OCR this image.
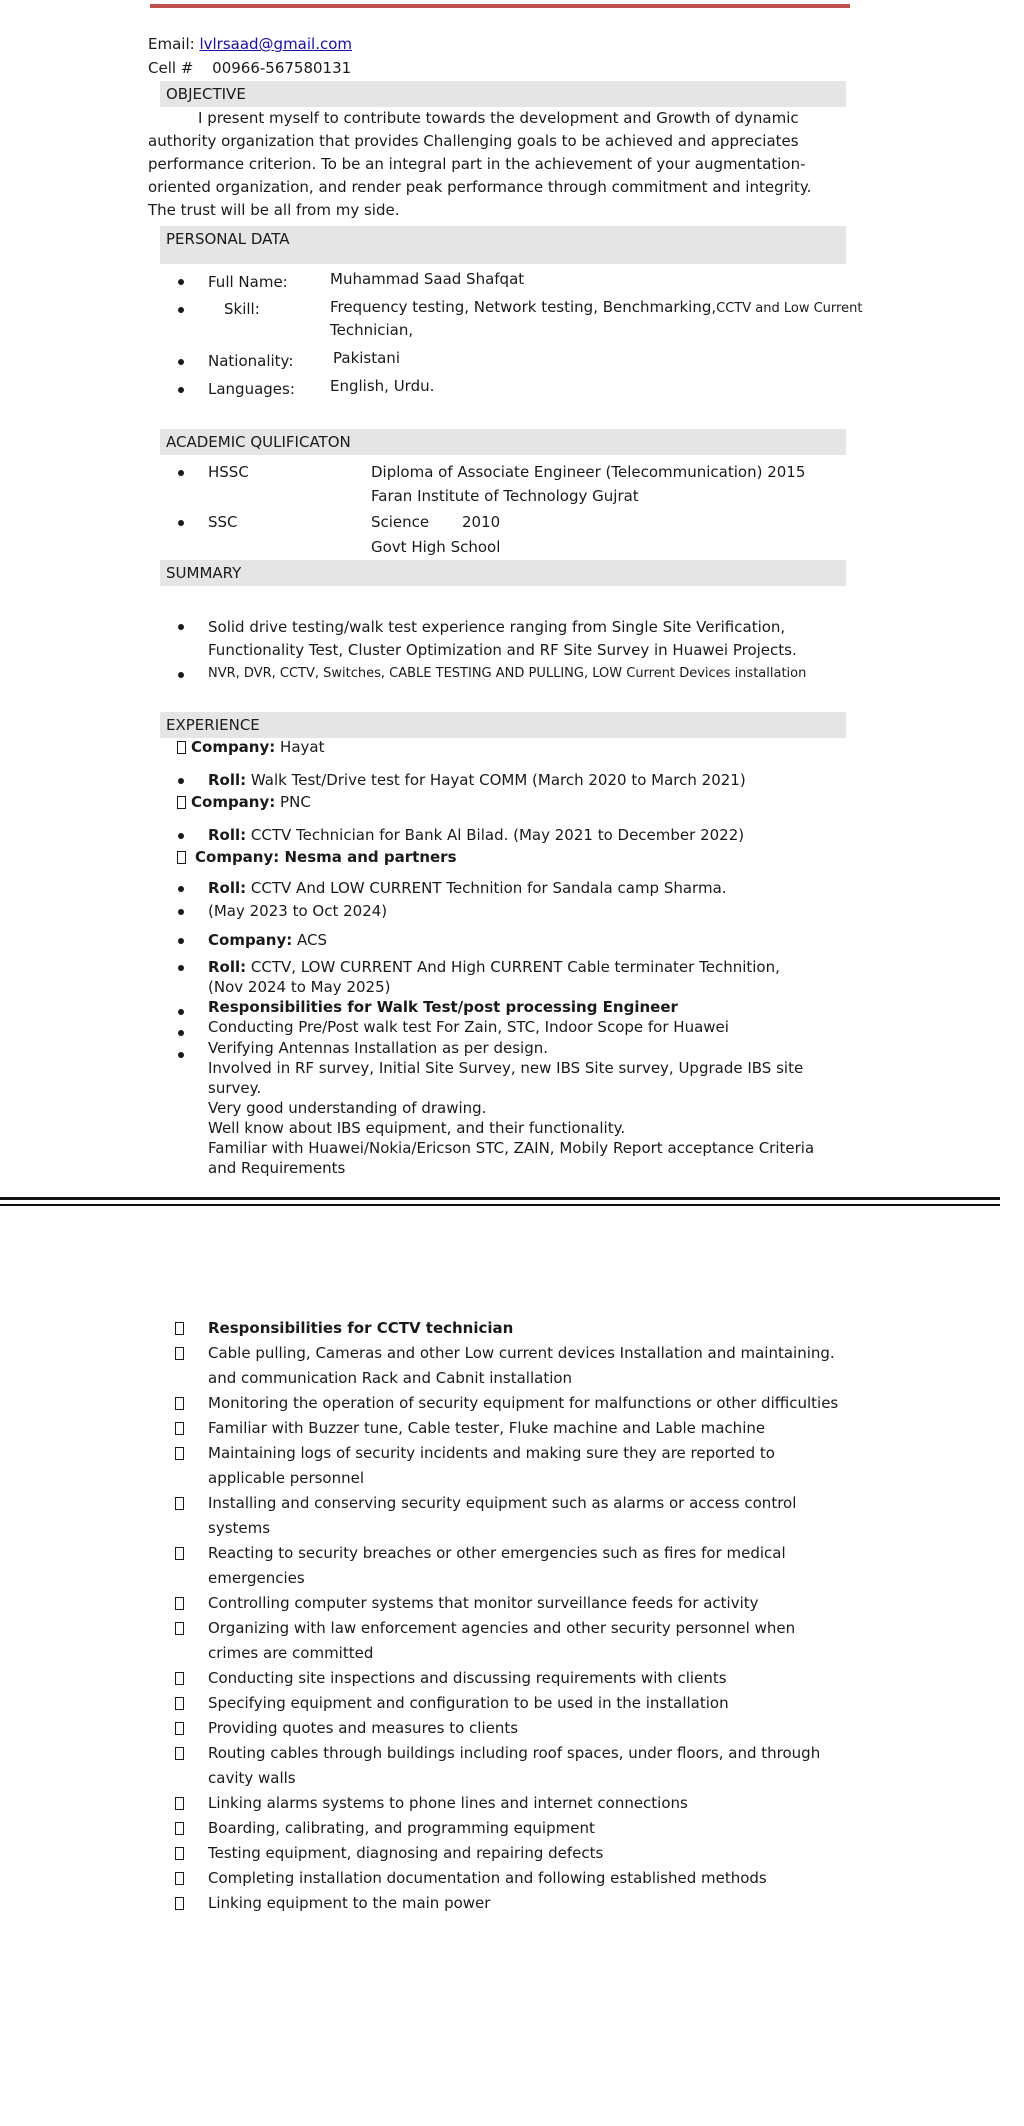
Email: lvlrsaad@gmail.com
Cell # 00966-567580131
OBJECTIVE
I present myself to contribute towards the development and Growth of dynamic
authority organization that provides Challenging goals to be achieved and appreciates
performance criterion. To be an integral part in the achievement of your augmentation-
oriented organization, and render peak performance through commitment and integrity.
The trust will be all from my side.
PERSONAL DATA
Full Name:	Muhammad Saad Shafqat
Skill:	Frequency testing, Network testing, Benchmarking,CCTV and Low Current
Technician,
Nationality:	Pakistani
Languages: English, Urdu.
ACADEMIC QULIFICATON
HSSC	Diploma of Associate Engineer (Telecommunication) 2015
Faran Institute of Technology Gujrat
SSC	Science 2010
Govt High School
SUMMARY
Solid drive testing/walk test experience ranging from Single Site Verification,
Functionality Test, Cluster Optimization and RF Site Survey in Huawei Projects.
NVR, DVR, CCTV, Switches, CABLE TESTING AND PULLING, LOW Current Devices installation
EXPERIENCE
Company: Hayat
Roll: Walk Test/Drive test for Hayat COMM (March 2020 to March 2021)
Company: PNC
Roll: CCTV Technician for Bank Al Bilad. (May 2021 to December 2022)
Company: Nesma and partners
Roll: CCTV And LOW CURRENT Technition for Sandala camp Sharma.
(May 2023 to Oct 2024)
Company: ACS
Roll: CCTV, LOW CURRENT And High CURRENT Cable terminater Technition,
(Nov 2024 to May 2025)
Responsibilities for Walk Test/post processing Engineer
Conducting Pre/Post walk test For Zain, STC, Indoor Scope for Huawei
Verifying Antennas Installation as per design.
Involved in RF survey, Initial Site Survey, new IBS Site survey, Upgrade IBS site
survey.
Very good understanding of drawing.
Well know about IBS equipment, and their functionality.
Familiar with Huawei/Nokia/Ericson STC, ZAIN, Mobily Report acceptance Criteria
and Requirements
Responsibilities for CCTV technician
Cable pulling, Cameras and other Low current devices Installation and maintaining.
and communication Rack and Cabnit installation
Monitoring the operation of security equipment for malfunctions or other difficulties
Familiar with Buzzer tune, Cable tester, Fluke machine and Lable machine
Maintaining logs of security incidents and making sure they are reported to
applicable personnel
Installing and conserving security equipment such as alarms or access control
systems
Reacting to security breaches or other emergencies such as fires for medical
emergencies
Controlling computer systems that monitor surveillance feeds for activity
Organizing with law enforcement agencies and other security personnel when
crimes are committed
Conducting site inspections and discussing requirements with clients
Specifying equipment and configuration to be used in the installation
Providing quotes and measures to clients
Routing cables through buildings including roof spaces, under floors, and through
cavity walls
Linking alarms systems to phone lines and internet connections
Boarding, calibrating, and programming equipment
Testing equipment, diagnosing and repairing defects
Completing installation documentation and following established methods
Linking equipment to the main power
